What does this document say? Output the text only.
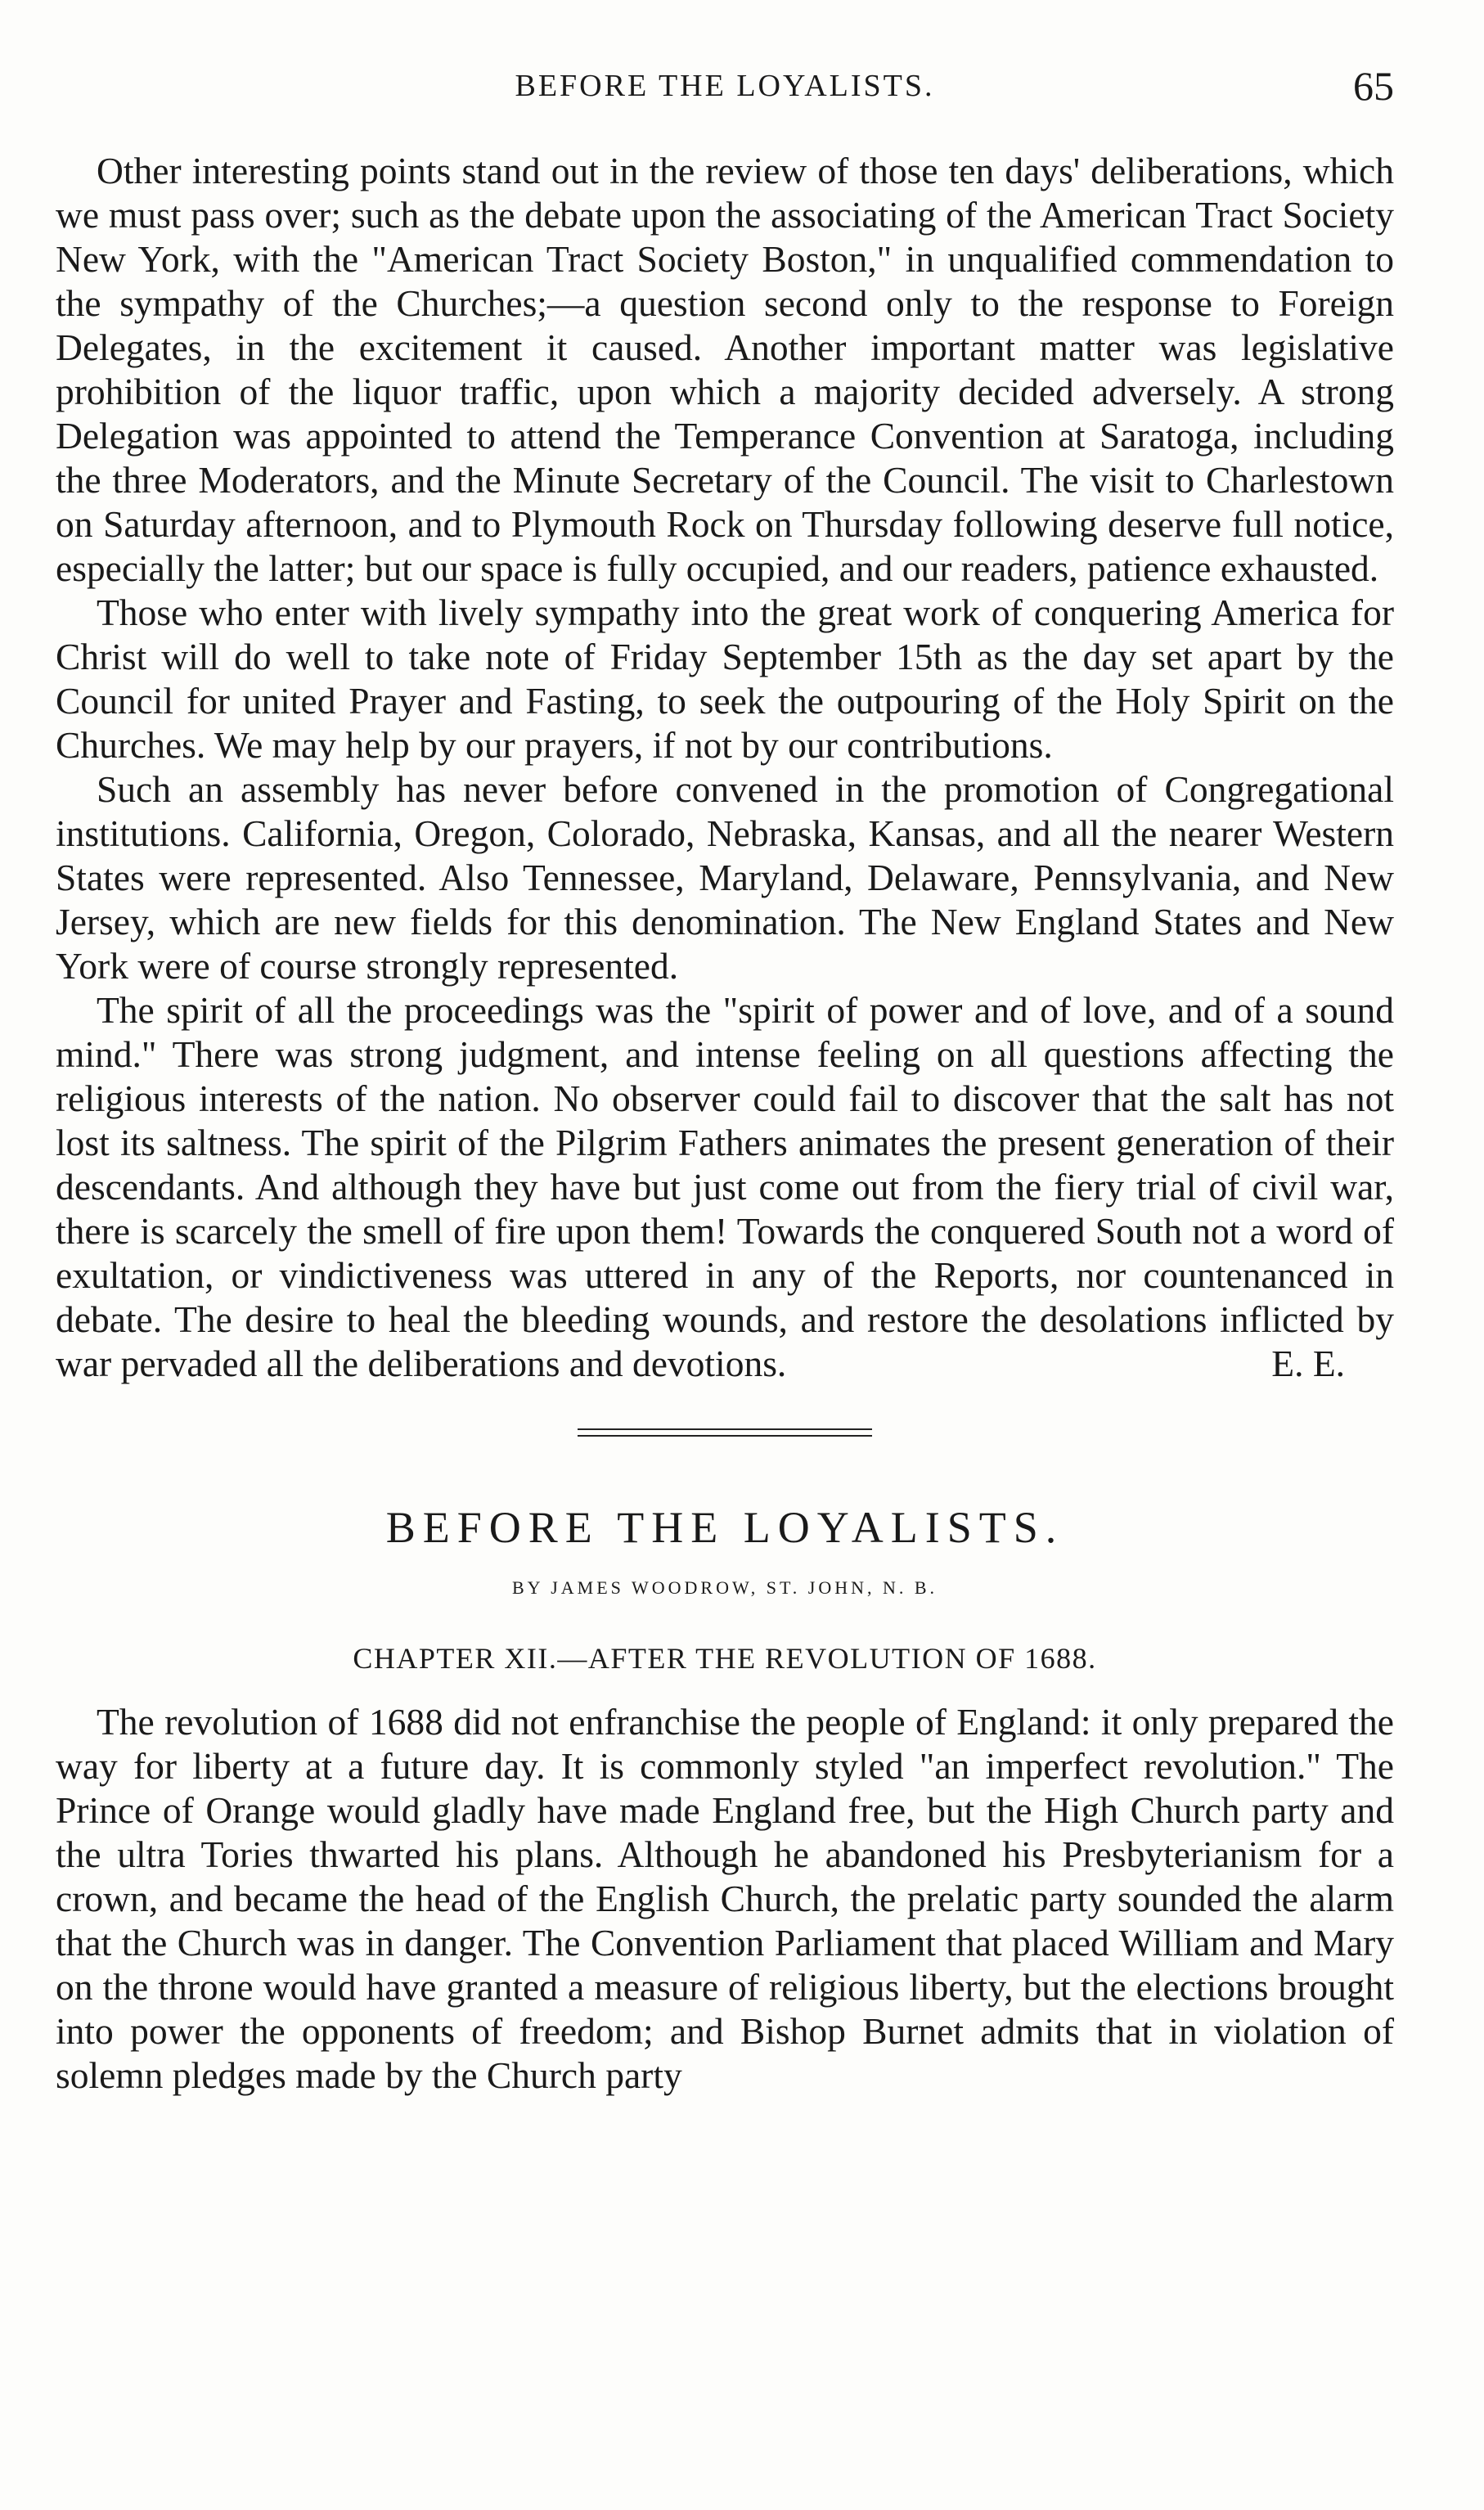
BEFORE THE LOYALISTS.	65

Other interesting points stand out in the review of those ten days' deliberations, which we must pass over; such as the debate upon the associating of the American Tract Society New York, with the "American Tract Society Boston," in unqualified commendation to the sympathy of the Churches;—a question second only to the response to Foreign Delegates, in the excitement it caused. Another important matter was legislative prohibition of the liquor traffic, upon which a majority decided adversely. A strong Delegation was appointed to attend the Temperance Convention at Saratoga, including the three Moderators, and the Minute Secretary of the Council. The visit to Charlestown on Saturday afternoon, and to Plymouth Rock on Thursday following deserve full notice, especially the latter; but our space is fully occupied, and our readers, patience exhausted.

Those who enter with lively sympathy into the great work of conquering America for Christ will do well to take note of Friday September 15th as the day set apart by the Council for united Prayer and Fasting, to seek the outpouring of the Holy Spirit on the Churches. We may help by our prayers, if not by our contributions.

Such an assembly has never before convened in the promotion of Congregational institutions. California, Oregon, Colorado, Nebraska, Kansas, and all the nearer Western States were represented. Also Tennessee, Maryland, Delaware, Pennsylvania, and New Jersey, which are new fields for this denomination. The New England States and New York were of course strongly represented.

The spirit of all the proceedings was the "spirit of power and of love, and of a sound mind." There was strong judgment, and intense feeling on all questions affecting the religious interests of the nation. No observer could fail to discover that the salt has not lost its saltness. The spirit of the Pilgrim Fathers animates the present generation of their descendants. And although they have but just come out from the fiery trial of civil war, there is scarcely the smell of fire upon them! Towards the conquered South not a word of exultation, or vindictiveness was uttered in any of the Reports, nor countenanced in debate. The desire to heal the bleeding wounds, and restore the desolations inflicted by war pervaded all the deliberations and devotions.	E. E.
BEFORE THE LOYALISTS.
BY JAMES WOODROW, ST. JOHN, N. B.
CHAPTER XII.—AFTER THE REVOLUTION OF 1688.

The revolution of 1688 did not enfranchise the people of England: it only prepared the way for liberty at a future day. It is commonly styled "an imperfect revolution." The Prince of Orange would gladly have made England free, but the High Church party and the ultra Tories thwarted his plans. Although he abandoned his Presbyterianism for a crown, and became the head of the English Church, the prelatic party sounded the alarm that the Church was in danger. The Convention Parliament that placed William and Mary on the throne would have granted a measure of religious liberty, but the elections brought into power the opponents of freedom; and Bishop Burnet admits that in violation of solemn pledges made by the Church party
